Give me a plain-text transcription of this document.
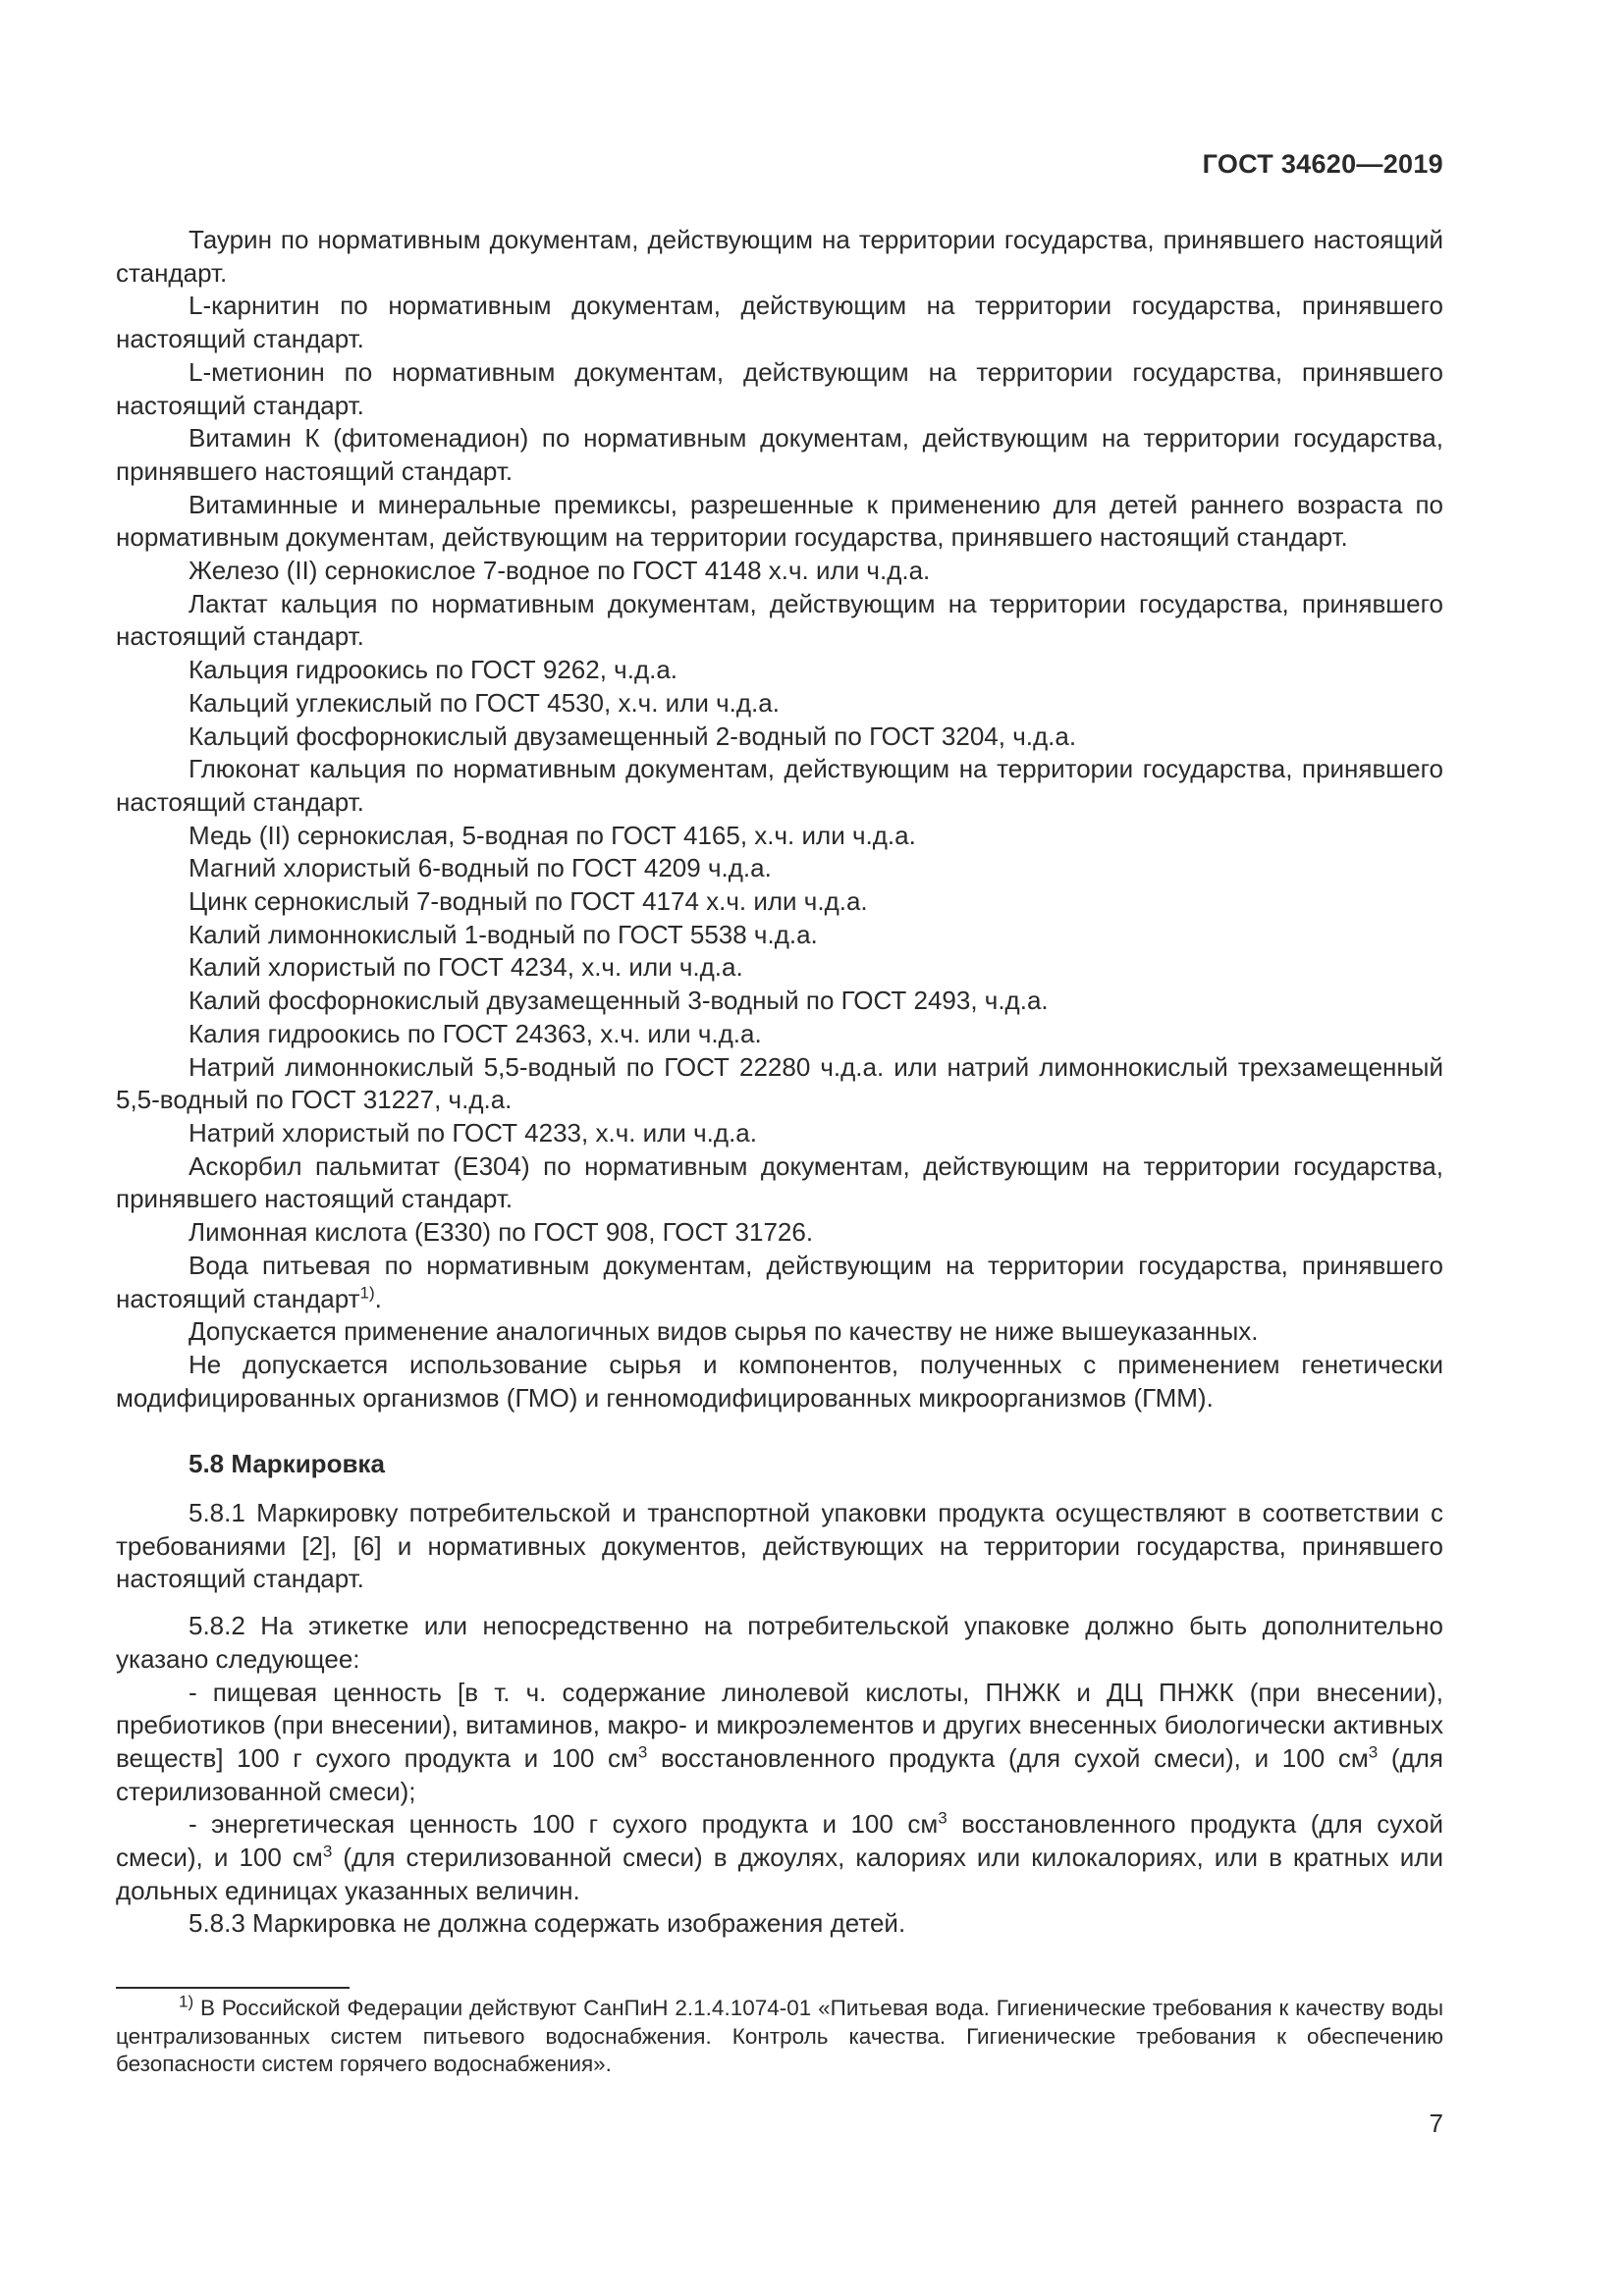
ГОСТ 34620—2019

Таурин по нормативным документам, действующим на территории государства, принявшего настоящий стандарт.

L-карнитин по нормативным документам, действующим на территории государства, принявшего настоящий стандарт.

L-метионин по нормативным документам, действующим на территории государства, принявшего настоящий стандарт.

Витамин К (фитоменадион) по нормативным документам, действующим на территории государства, принявшего настоящий стандарт.

Витаминные и минеральные премиксы, разрешенные к применению для детей раннего возраста по нормативным документам, действующим на территории государства, принявшего настоящий стандарт.

Железо (II) сернокислое 7-водное по ГОСТ 4148 х.ч. или ч.д.а.

Лактат кальция по нормативным документам, действующим на территории государства, принявшего настоящий стандарт.

Кальция гидроокись по ГОСТ 9262, ч.д.а.

Кальций углекислый по ГОСТ 4530, х.ч. или ч.д.а.

Кальций фосфорнокислый двузамещенный 2-водный по ГОСТ 3204, ч.д.а.

Глюконат кальция по нормативным документам, действующим на территории государства, принявшего настоящий стандарт.

Медь (II) сернокислая, 5-водная по ГОСТ 4165, х.ч. или ч.д.а.

Магний хлористый 6-водный по ГОСТ 4209 ч.д.а.

Цинк сернокислый 7-водный по ГОСТ 4174 х.ч. или ч.д.а.

Калий лимоннокислый 1-водный по ГОСТ 5538 ч.д.а.

Калий хлористый по ГОСТ 4234, х.ч. или ч.д.а.

Калий фосфорнокислый двузамещенный 3-водный по ГОСТ 2493, ч.д.а.

Калия гидроокись по ГОСТ 24363, х.ч. или ч.д.а.

Натрий лимоннокислый 5,5-водный по ГОСТ 22280 ч.д.а. или натрий лимоннокислый трехзамещенный 5,5-водный по ГОСТ 31227, ч.д.а.

Натрий хлористый по ГОСТ 4233, х.ч. или ч.д.а.

Аскорбил пальмитат (Е304) по нормативным документам, действующим на территории государства, принявшего настоящий стандарт.

Лимонная кислота (Е330) по ГОСТ 908, ГОСТ 31726.

Вода питьевая по нормативным документам, действующим на территории государства, принявшего настоящий стандарт$^{1)}$.

Допускается применение аналогичных видов сырья по качеству не ниже вышеуказанных.

Не допускается использование сырья и компонентов, полученных с применением генетически модифицированных организмов (ГМО) и генномодифицированных микроорганизмов (ГММ).

5.8 Маркировка

5.8.1 Маркировку потребительской и транспортной упаковки продукта осуществляют в соответствии с требованиями [2], [6] и нормативных документов, действующих на территории государства, принявшего настоящий стандарт.

5.8.2 На этикетке или непосредственно на потребительской упаковке должно быть дополнительно указано следующее:

- пищевая ценность [в т. ч. содержание линолевой кислоты, ПНЖК и ДЦ ПНЖК (при внесении), пребиотиков (при внесении), витаминов, макро- и микроэлементов и других внесенных биологически активных веществ] 100 г сухого продукта и 100 $см^3$ восстановленного продукта (для сухой смеси), и 100 $см^3$ (для стерилизованной смеси);

- энергетическая ценность 100 г сухого продукта и 100 $см^3$ восстановленного продукта (для сухой смеси), и 100 $см^3$ (для стерилизованной смеси) в джоулях, калориях или килокалориях, или в кратных или дольных единицах указанных величин.

5.8.3 Маркировка не должна содержать изображения детей.

$^{1)}$ В Российской Федерации действуют СанПиН 2.1.4.1074-01 «Питьевая вода. Гигиенические требования к качеству воды централизованных систем питьевого водоснабжения. Контроль качества. Гигиенические требования к обеспечению безопасности систем горячего водоснабжения».
7
